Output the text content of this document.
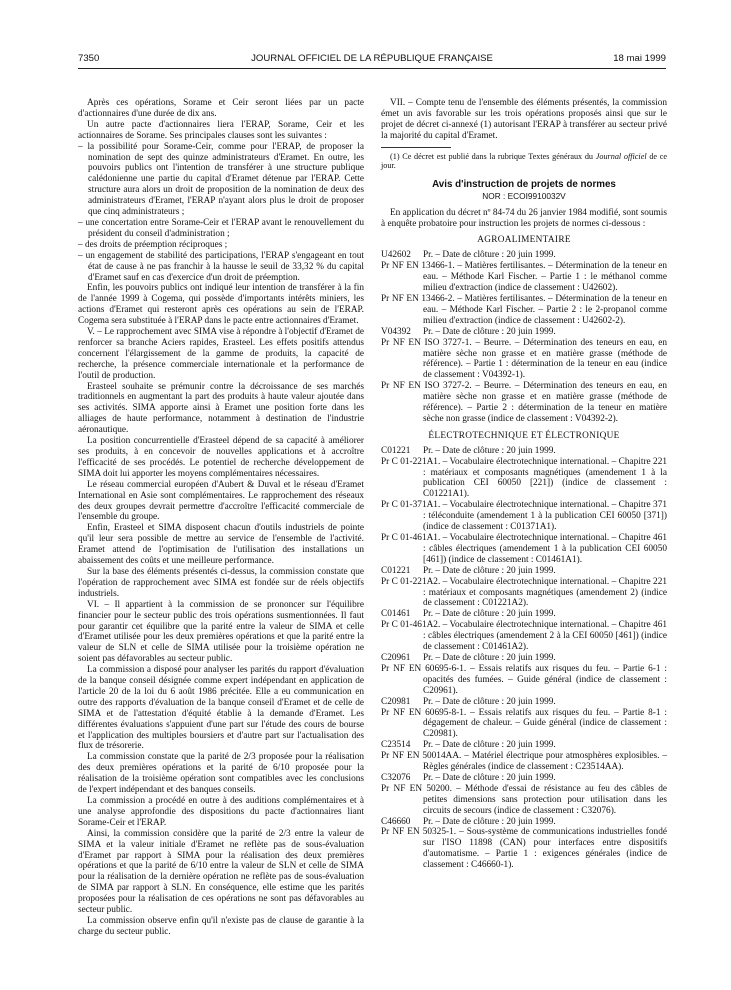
7350	JOURNAL OFFICIEL DE LA RÉPUBLIQUE FRANÇAISE	18 mai 1999

Après ces opérations, Sorame et Ceir seront liées par un pacte d'actionnaires d'une durée de dix ans.

Un autre pacte d'actionnaires liera l'ERAP, Sorame, Ceir et les actionnaires de Sorame. Ses principales clauses sont les suivantes :

– la possibilité pour Sorame-Ceir, comme pour l'ERAP, de proposer la nomination de sept des quinze administrateurs d'Eramet. En outre, les pouvoirs publics ont l'intention de transférer à une structure publique calédonienne une partie du capital d'Eramet détenue par l'ERAP. Cette structure aura alors un droit de proposition de la nomination de deux des administrateurs d'Eramet, l'ERAP n'ayant alors plus le droit de proposer que cinq administrateurs ;

– une concertation entre Sorame-Ceir et l'ERAP avant le renouvellement du président du conseil d'administration ;

– des droits de préemption réciproques ;

– un engagement de stabilité des participations, l'ERAP s'engageant en tout état de cause à ne pas franchir à la hausse le seuil de 33,32 % du capital d'Eramet sauf en cas d'exercice d'un droit de préemption.

Enfin, les pouvoirs publics ont indiqué leur intention de transférer à la fin de l'année 1999 à Cogema, qui possède d'importants intérêts miniers, les actions d'Eramet qui resteront après ces opérations au sein de l'ERAP. Cogema sera substituée à l'ERAP dans le pacte entre actionnaires d'Eramet.

V. – Le rapprochement avec SIMA vise à répondre à l'objectif d'Eramet de renforcer sa branche Aciers rapides, Erasteel. Les effets positifs attendus concernent l'élargissement de la gamme de produits, la capacité de recherche, la présence commerciale internationale et la performance de l'outil de production.

Erasteel souhaite se prémunir contre la décroissance de ses marchés traditionnels en augmentant la part des produits à haute valeur ajoutée dans ses activités. SIMA apporte ainsi à Eramet une position forte dans les alliages de haute performance, notamment à destination de l'industrie aéronautique.

La position concurrentielle d'Erasteel dépend de sa capacité à améliorer ses produits, à en concevoir de nouvelles applications et à accroître l'efficacité de ses procédés. Le potentiel de recherche développement de SIMA doit lui apporter les moyens complémentaires nécessaires.

Le réseau commercial européen d'Aubert & Duval et le réseau d'Eramet International en Asie sont complémentaires. Le rapprochement des réseaux des deux groupes devrait permettre d'accroître l'efficacité commerciale de l'ensemble du groupe.

Enfin, Erasteel et SIMA disposent chacun d'outils industriels de pointe qu'il leur sera possible de mettre au service de l'ensemble de l'activité. Eramet attend de l'optimisation de l'utilisation des installations un abaissement des coûts et une meilleure performance.

Sur la base des éléments présentés ci-dessus, la commission constate que l'opération de rapprochement avec SIMA est fondée sur de réels objectifs industriels.

VI. – Il appartient à la commission de se prononcer sur l'équilibre financier pour le secteur public des trois opérations susmentionnées. Il faut pour garantir cet équilibre que la parité entre la valeur de SIMA et celle d'Eramet utilisée pour les deux premières opérations et que la parité entre la valeur de SLN et celle de SIMA utilisée pour la troisième opération ne soient pas défavorables au secteur public.

La commission a disposé pour analyser les parités du rapport d'évaluation de la banque conseil désignée comme expert indépendant en application de l'article 20 de la loi du 6 août 1986 précitée. Elle a eu communication en outre des rapports d'évaluation de la banque conseil d'Eramet et de celle de SIMA et de l'attestation d'équité établie à la demande d'Eramet. Les différentes évaluations s'appuient d'une part sur l'étude des cours de bourse et l'application des multiples boursiers et d'autre part sur l'actualisation des flux de trésorerie.

La commission constate que la parité de 2/3 proposée pour la réalisation des deux premières opérations et la parité de 6/10 proposée pour la réalisation de la troisième opération sont compatibles avec les conclusions de l'expert indépendant et des banques conseils.

La commission a procédé en outre à des auditions complémentaires et à une analyse approfondie des dispositions du pacte d'actionnaires liant Sorame-Ceir et l'ERAP.

Ainsi, la commission considère que la parité de 2/3 entre la valeur de SIMA et la valeur initiale d'Eramet ne reflète pas de sous-évaluation d'Eramet par rapport à SIMA pour la réalisation des deux premières opérations et que la parité de 6/10 entre la valeur de SLN et celle de SIMA pour la réalisation de la dernière opération ne reflète pas de sous-évaluation de SIMA par rapport à SLN. En conséquence, elle estime que les parités proposées pour la réalisation de ces opérations ne sont pas défavorables au secteur public.

La commission observe enfin qu'il n'existe pas de clause de garantie à la charge du secteur public.

VII. – Compte tenu de l'ensemble des éléments présentés, la commission émet un avis favorable sur les trois opérations proposés ainsi que sur le projet de décret ci-annexé (1) autorisant l'ERAP à transférer au secteur privé la majorité du capital d'Eramet.

(1) Ce décret est publié dans la rubrique Textes généraux du Journal officiel de ce jour.

Avis d'instruction de projets de normes
NOR : ECOI9910032V

En application du décret nº 84-74 du 26 janvier 1984 modifié, sont soumis à enquête probatoire pour instruction les projets de normes ci-dessous :

AGROALIMENTAIRE
U42602	Pr. – Date de clôture : 20 juin 1999.

Pr NF EN 13466-1. – Matières fertilisantes. – Détermination de la teneur en eau. – Méthode Karl Fischer. – Partie 1 : le méthanol comme milieu d'extraction (indice de classement : U42602).

Pr NF EN 13466-2. – Matières fertilisantes. – Détermination de la teneur en eau. – Méthode Karl Fischer. – Partie 2 : le 2-propanol comme milieu d'extraction (indice de classement : U42602-2).

V04392	Pr. – Date de clôture : 20 juin 1999.

Pr NF EN ISO 3727-1. – Beurre. – Détermination des teneurs en eau, en matière sèche non grasse et en matière grasse (méthode de référence). – Partie 1 : détermination de la teneur en eau (indice de classement : V04392-1).

Pr NF EN ISO 3727-2. – Beurre. – Détermination des teneurs en eau, en matière sèche non grasse et en matière grasse (méthode de référence). – Partie 2 : détermination de la teneur en matière sèche non grasse (indice de classement : V04392-2).

ÉLECTROTECHNIQUE ET ÉLECTRONIQUE
C01221	Pr. – Date de clôture : 20 juin 1999.

Pr C 01-221A1. – Vocabulaire électrotechnique international. – Chapitre 221 : matériaux et composants magnétiques (amendement 1 à la publication CEI 60050 [221]) (indice de classement : C01221A1).

Pr C 01-371A1. – Vocabulaire électrotechnique international. – Chapitre 371 : téléconduite (amendement 1 à la publication CEI 60050 [371]) (indice de classement : C01371A1).

Pr C 01-461A1. – Vocabulaire électrotechnique international. – Chapitre 461 : câbles électriques (amendement 1 à la publication CEI 60050 [461]) (indice de classement : C01461A1).

C01221	Pr. – Date de clôture : 20 juin 1999.

Pr C 01-221A2. – Vocabulaire électrotechnique international. – Chapitre 221 : matériaux et composants magnétiques (amendement 2) (indice de classement : C01221A2).

C01461	Pr. – Date de clôture : 20 juin 1999.

Pr C 01-461A2. – Vocabulaire électrotechnique international. – Chapitre 461 : câbles électriques (amendement 2 à la CEI 60050 [461]) (indice de classement : C01461A2).

C20961	Pr. – Date de clôture : 20 juin 1999.

Pr NF EN 60695-6-1. – Essais relatifs aux risques du feu. – Partie 6-1 : opacités des fumées. – Guide général (indice de classement : C20961).

C20981	Pr. – Date de clôture : 20 juin 1999.

Pr NF EN 60695-8-1. – Essais relatifs aux risques du feu. – Partie 8-1 : dégagement de chaleur. – Guide général (indice de classement : C20981).

C23514	Pr. – Date de clôture : 20 juin 1999.

Pr NF EN 50014AA. – Matériel électrique pour atmosphères explosibles. – Règles générales (indice de classement : C23514AA).

C32076	Pr. – Date de clôture : 20 juin 1999.

Pr NF EN 50200. – Méthode d'essai de résistance au feu des câbles de petites dimensions sans protection pour utilisation dans les circuits de secours (indice de classement : C32076).

C46660	Pr. – Date de clôture : 20 juin 1999.

Pr NF EN 50325-1. – Sous-système de communications industrielles fondé sur l'ISO 11898 (CAN) pour interfaces entre dispositifs d'automatisme. – Partie 1 : exigences générales (indice de classement : C46660-1).
